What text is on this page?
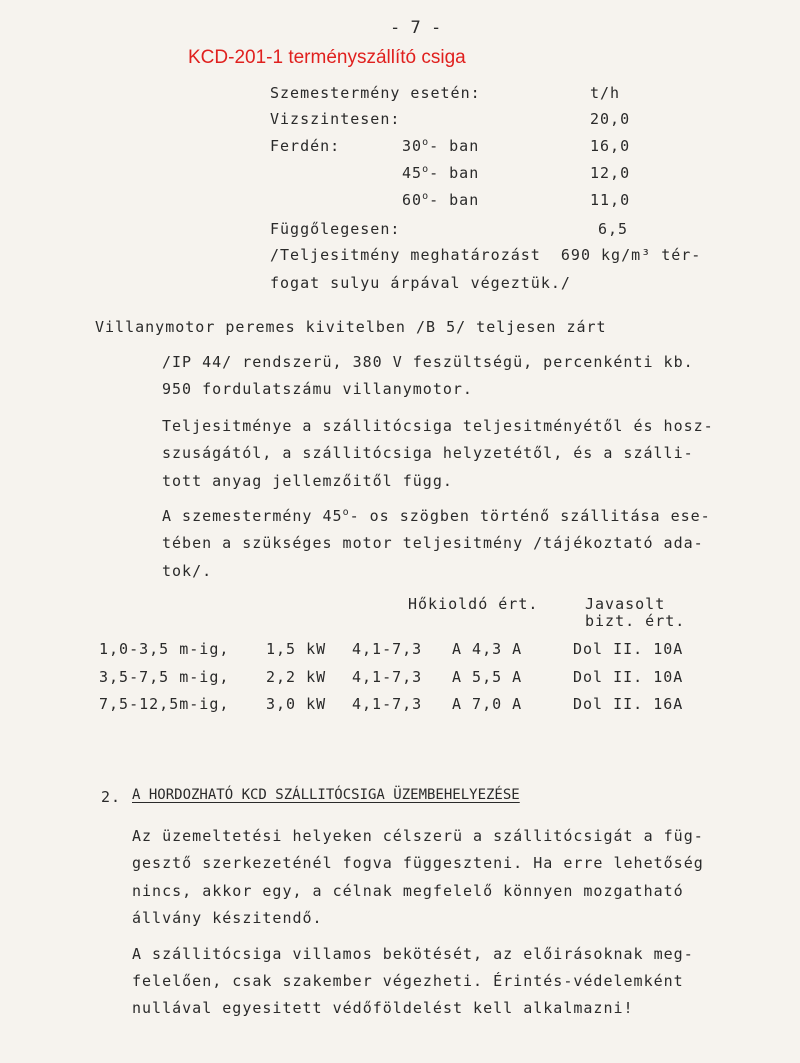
- 7 -
KCD-201-1 terményszállító csiga
Szemestermény esetén:	t/h
Vizszintesen:	20,0
Ferdén:	30$^o$- ban	16,0
45$^o$- ban	12,0
60$^o$- ban	11,0
Függőlegesen:	6,5
/Teljesitmény meghatározást  690 kg/m³ tér-
fogat sulyu árpával végeztük./
Villanymotor peremes kivitelben /B 5/ teljesen zárt
/IP 44/ rendszerü, 380 V feszültségü, percenkénti kb.
950 fordulatszámu villanymotor.
Teljesitménye a szállitócsiga teljesitményétől és hosz-
szuságától, a szállitócsiga helyzetétől, és a szálli-
tott anyag jellemzőitől függ.
A szemestermény 45$^o$- os szögben történő szállitása ese-
tében a szükséges motor teljesitmény /tájékoztató ada-
tok/.
Hőkioldó ért.	Javasolt
bizt. ért.
1,0-3,5 m-ig, 1,5 kW 4,1-7,3 A 4,3 A	Dol II. 10A
3,5-7,5 m-ig, 2,2 kW 4,1-7,3 A 5,5 A	Dol II. 10A
7,5-12,5m-ig, 3,0 kW 4,1-7,3 A 7,0 A	Dol II. 16A
2. A HORDOZHATÓ KCD SZÁLLITÓCSIGA ÜZEMBEHELYEZÉSE
Az üzemeltetési helyeken célszerü a szállitócsigát a füg-
gesztő szerkezeténél fogva függeszteni. Ha erre lehetőség
nincs, akkor egy, a célnak megfelelő könnyen mozgatható
állvány készitendő.
A szállitócsiga villamos bekötését, az előirásoknak meg-
felelően, csak szakember végezheti. Érintés-védelemként
nullával egyesitett védőföldelést kell alkalmazni!
